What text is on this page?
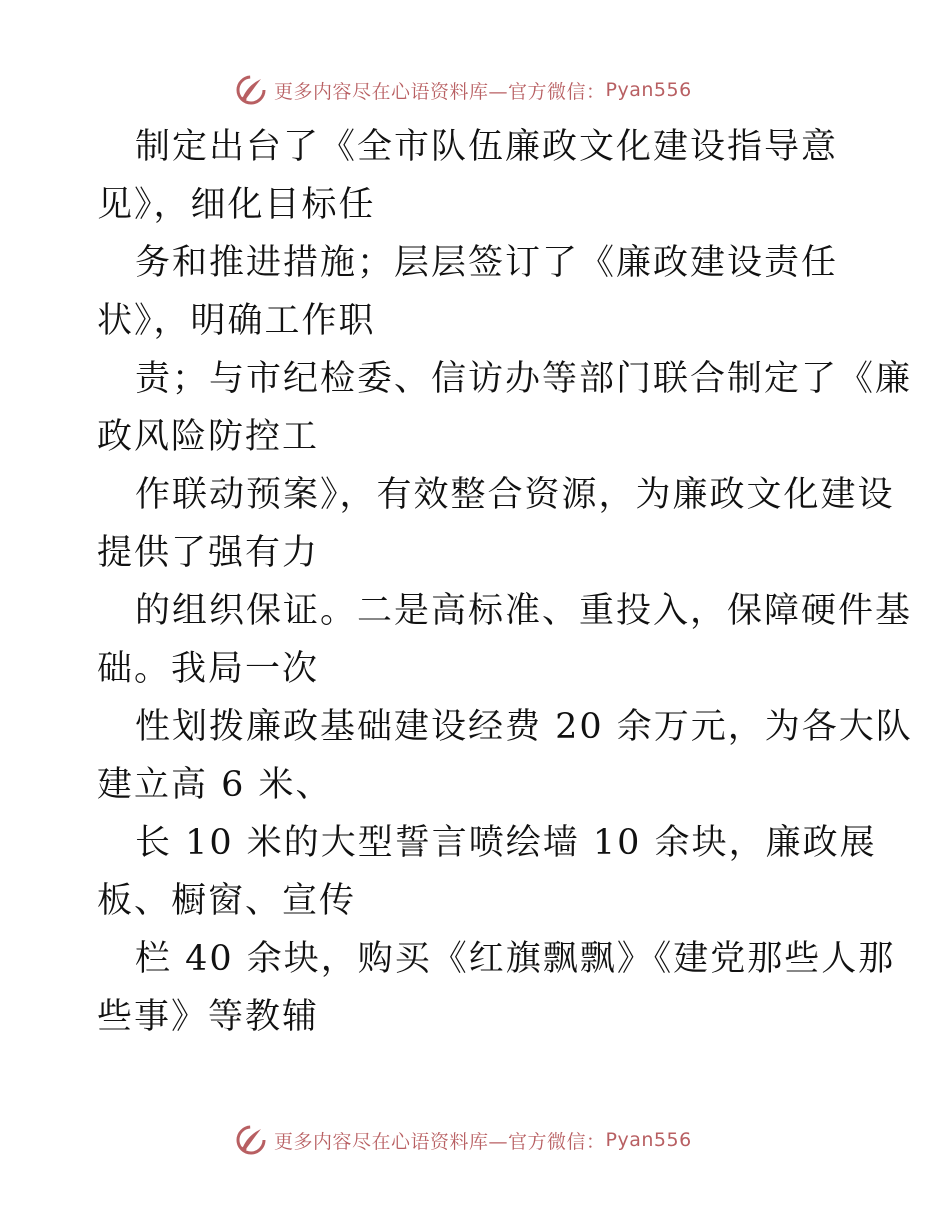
更多内容尽在心语资料库—官方微信： Pyan556
制定出台了《全市队伍廉政文化建设指导意
见》，细化目标任
务和推进措施；层层签订了《廉政建设责任
状》，明确工作职
责；与市纪检委、信访办等部门联合制定了《廉
政风险防控工
作联动预案》，有效整合资源，为廉政文化建设
提供了强有力
的组织保证。二是高标准、重投入，保障硬件基
础。我局一次
性划拨廉政基础建设经费 20 余万元，为各大队
建立高 6 米、
长 10 米的大型誓言喷绘墙 10 余块，廉政展
板、橱窗、宣传
栏 40 余块，购买《红旗飘飘》《建党那些人那
些事》等教辅
更多内容尽在心语资料库—官方微信： Pyan556
